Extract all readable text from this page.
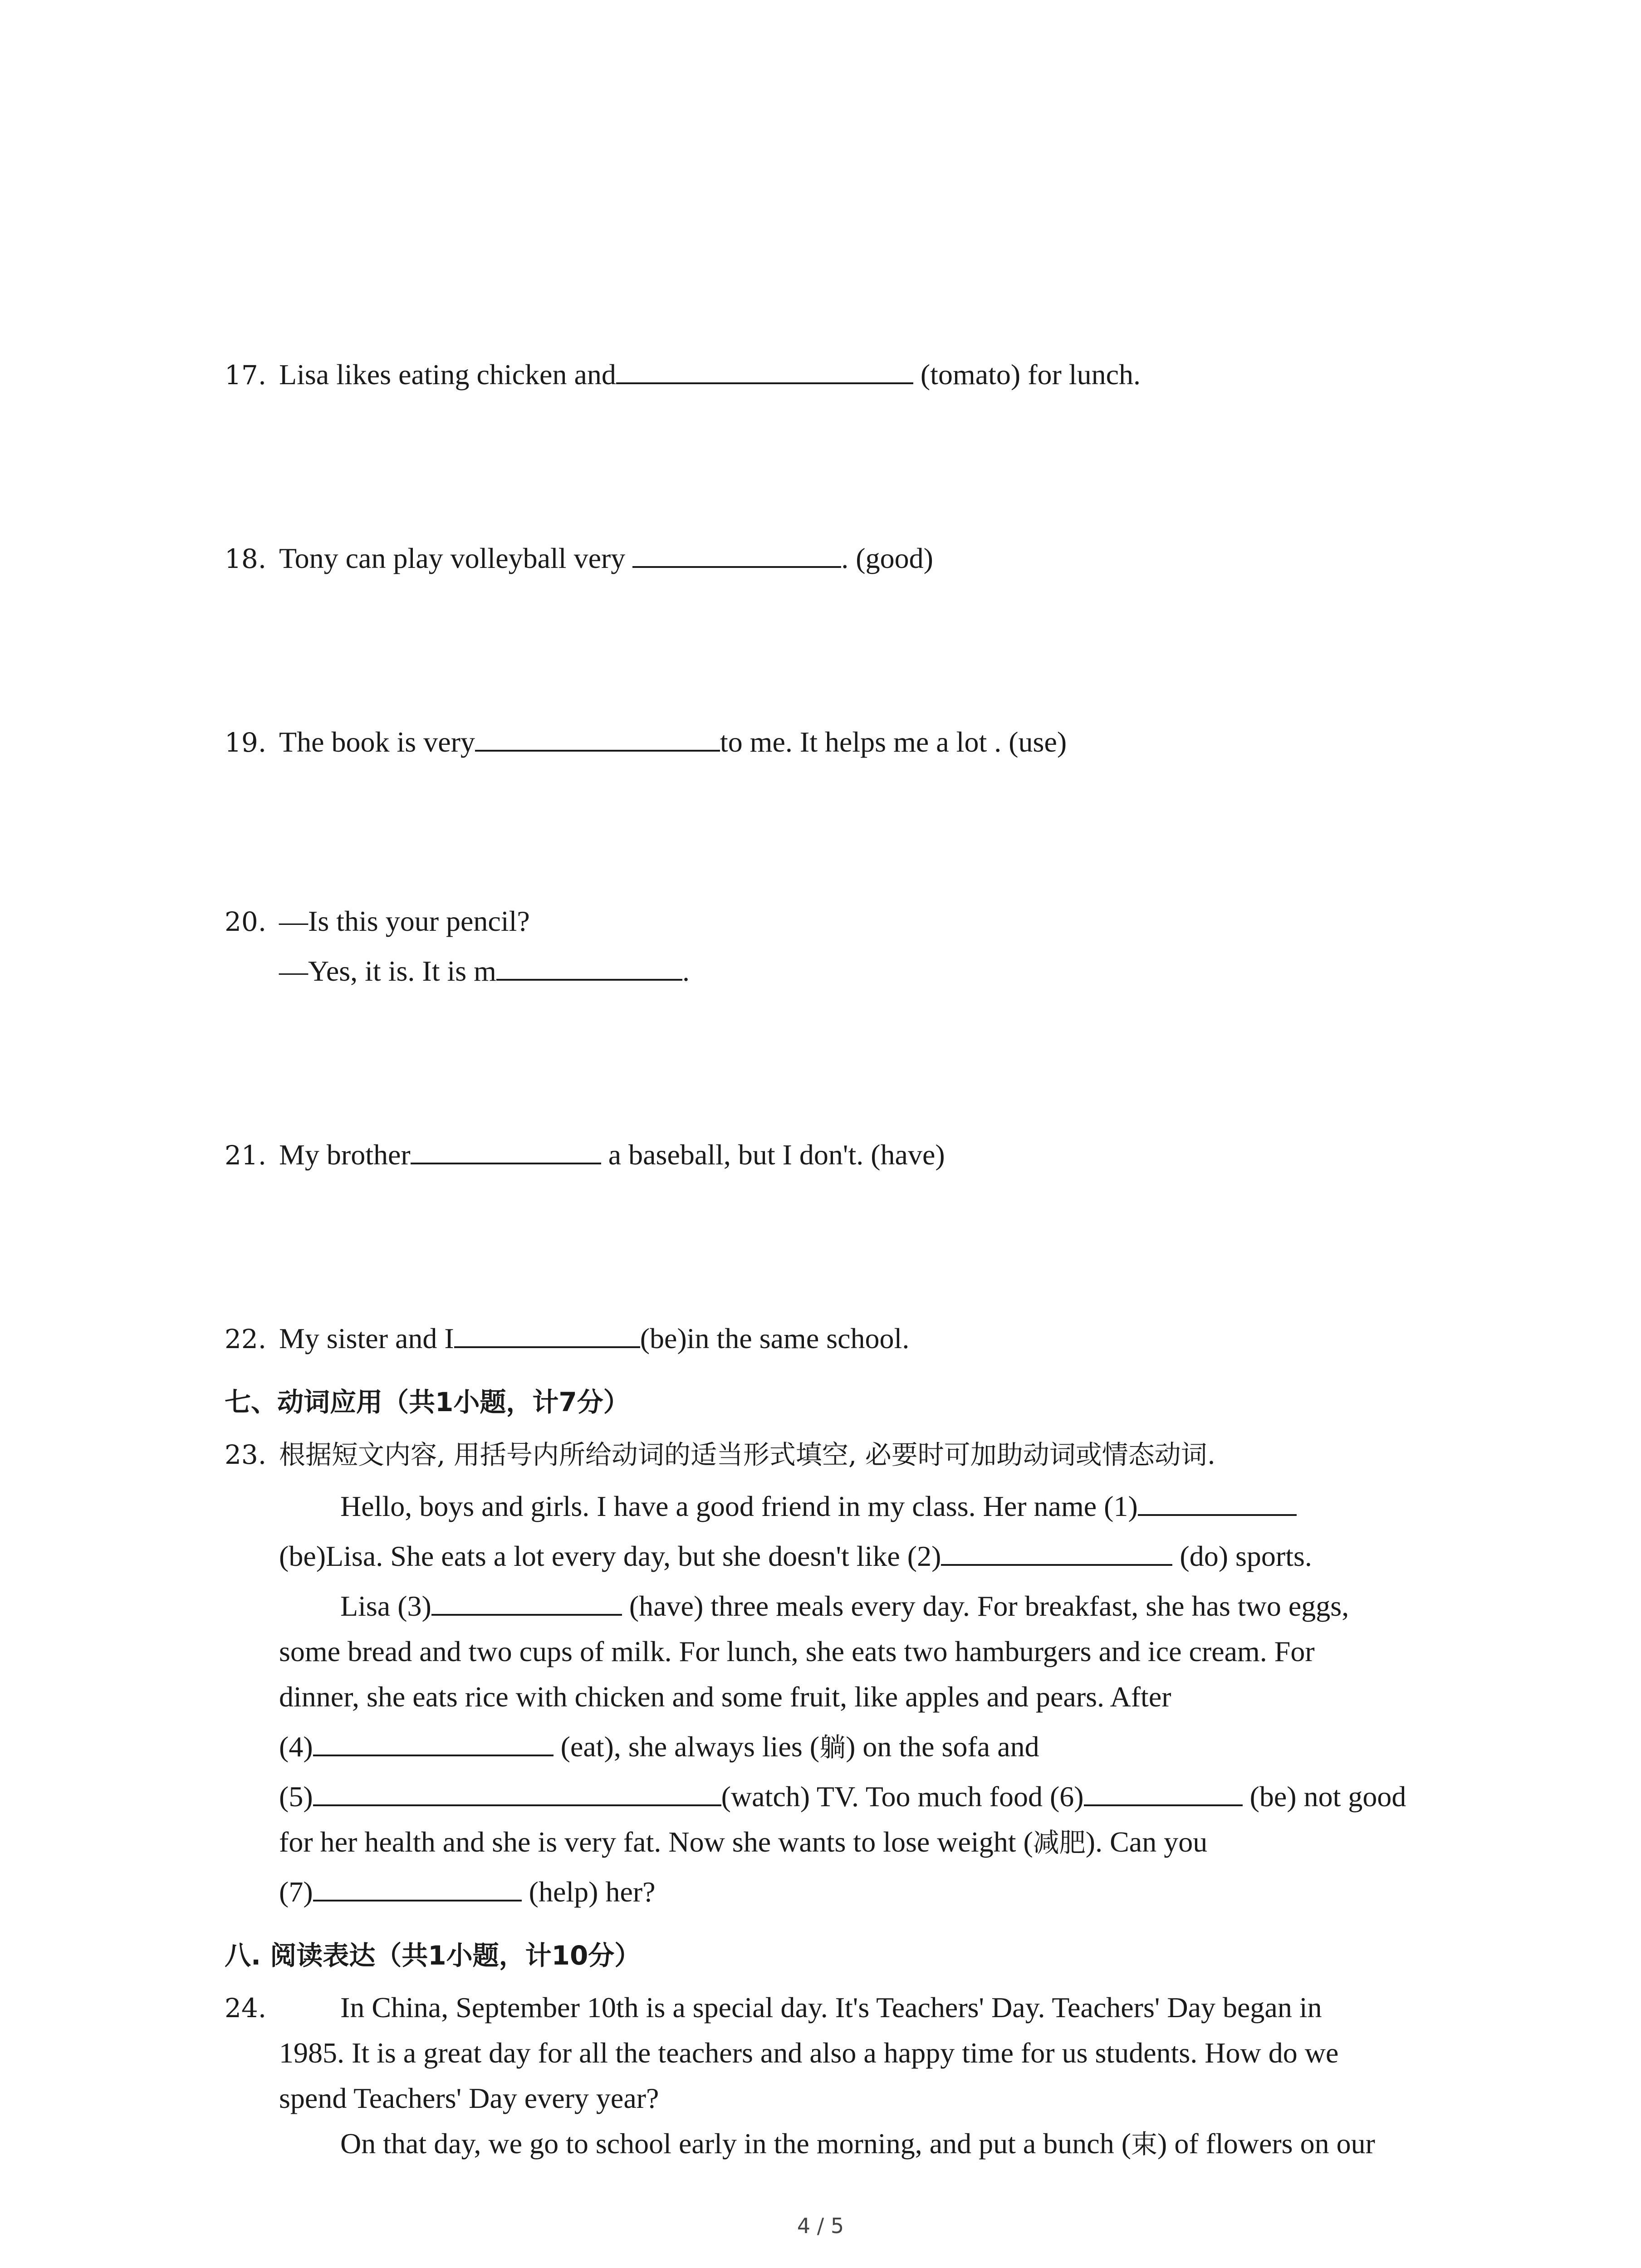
17. Lisa likes eating chicken and	(tomato) for lunch.
18. Tony can play volleyball very	. (good)
19. The book is very	to me. It helps me a lot . (use)
20. —Is this your pencil?
—Yes, it is. It is m	.
21. My brother	a baseball, but I don't. (have)
22. My sister and I	(be)in the same school.
七、动词应用（共1小题，计7分）
23. 根据短文内容, 用括号内所给动词的适当形式填空, 必要时可加助动词或情态动词.
Hello, boys and girls. I have a good friend in my class. Her name (1)
(be)Lisa. She eats a lot every day, but she doesn't like (2)	(do) sports.
Lisa (3)	(have) three meals every day. For breakfast, she has two eggs,
some bread and two cups of milk. For lunch, she eats two hamburgers and ice cream. For
dinner, she eats rice with chicken and some fruit, like apples and pears. After
(4)	(eat), she always lies (躺) on the sofa and
(5)	(watch) TV. Too much food (6)	(be) not good
for her health and she is very fat. Now she wants to lose weight (减肥). Can you
(7)	(help) her?
八. 阅读表达（共1小题，计10分）
24.	In China, September 10th is a special day. It's Teachers' Day. Teachers' Day began in
1985. It is a great day for all the teachers and also a happy time for us students. How do we
spend Teachers' Day every year?
On that day, we go to school early in the morning, and put a bunch (束) of flowers on our
4 / 5
